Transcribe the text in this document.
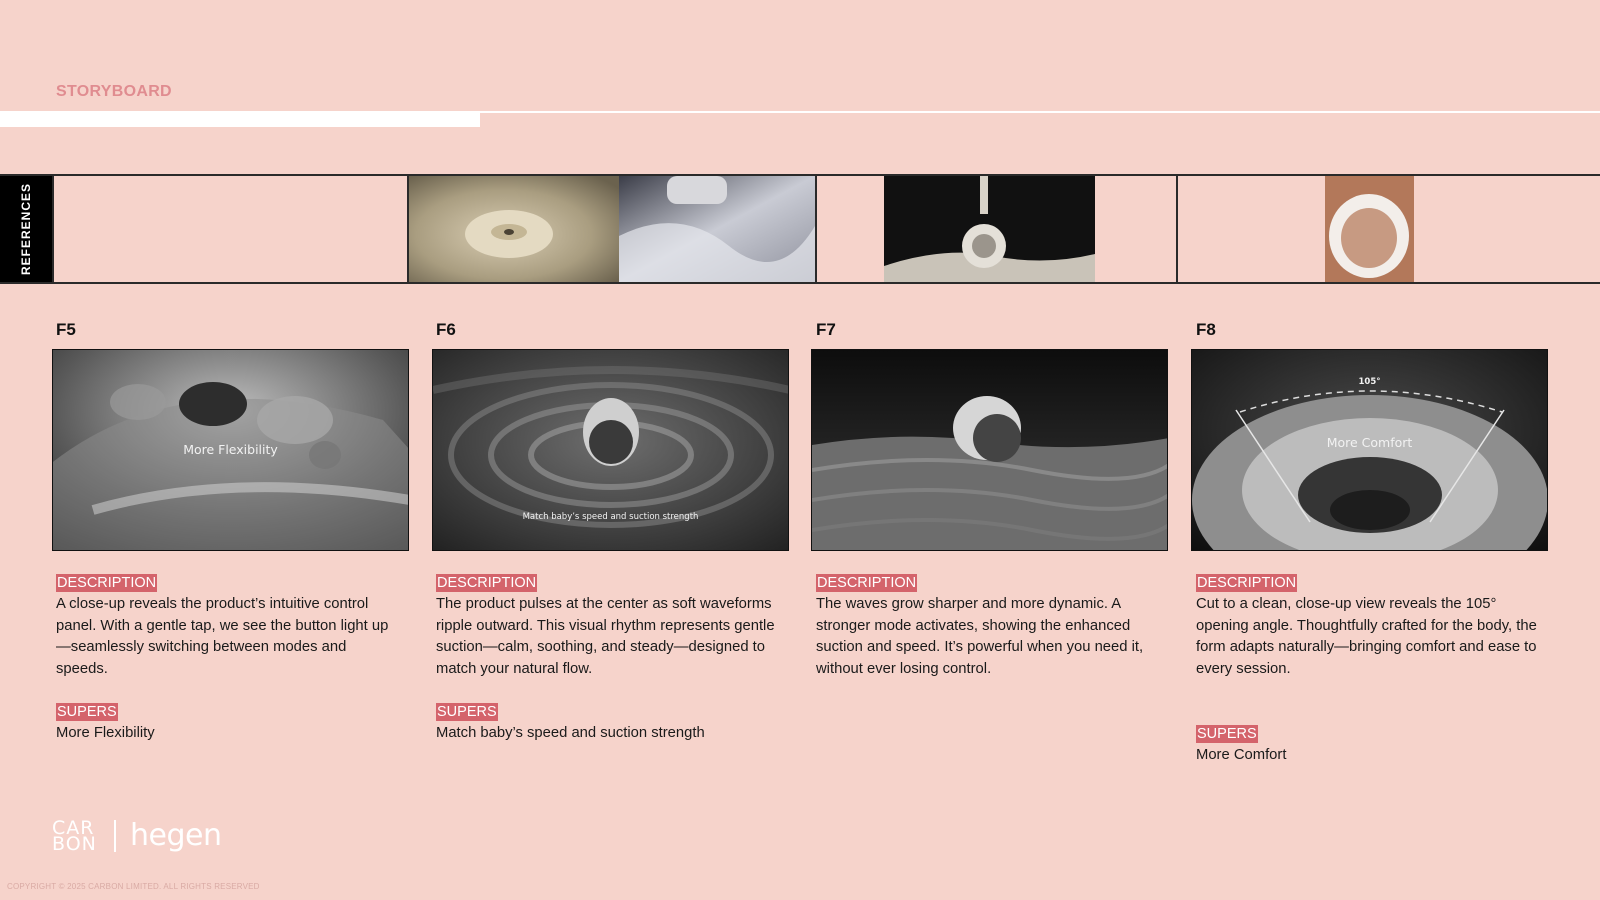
STORYBOARD
REFERENCES
F5
More Flexibility
F6
Match baby’s speed and suction strength
F7	F8
105°
More Comfort
DESCRIPTION
A close-up reveals the product’s intuitive control panel. With a gentle tap, we see the button light up—seamlessly switching between modes and speeds.
SUPERS
More Flexibility
DESCRIPTION
The product pulses at the center as soft waveforms ripple outward. This visual rhythm represents gentle suction—calm, soothing, and steady—designed to match your natural flow.
SUPERS
Match baby’s speed and suction strength
DESCRIPTION
The waves grow sharper and more dynamic. A stronger mode activates, showing the enhanced suction and speed. It’s powerful when you need it, without ever losing control.
DESCRIPTION
Cut to a clean, close-up view reveals the 105° opening angle. Thoughtfully crafted for the body, the form adapts naturally—bringing comfort and ease to every session.
SUPERS
More Comfort
CAR BON hegen
COPYRIGHT © 2025 CARBON LIMITED. ALL RIGHTS RESERVED
